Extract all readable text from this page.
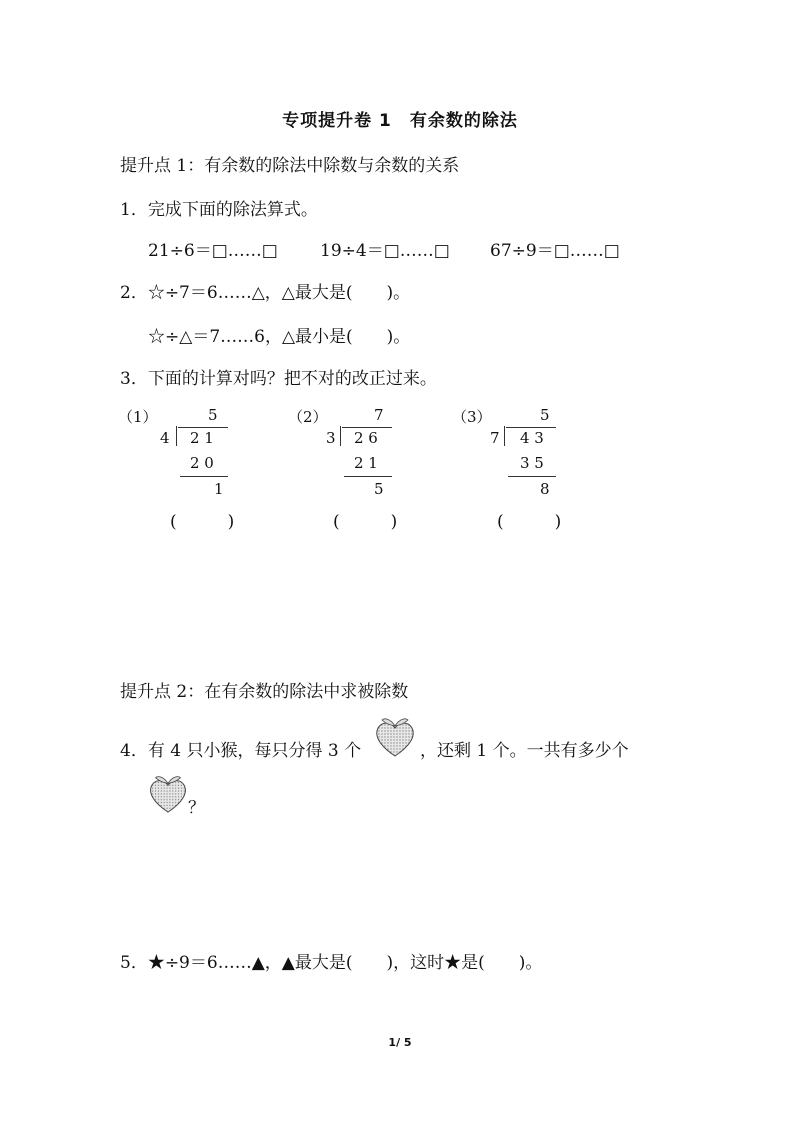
专项提升卷 1　有余数的除法
提升点 1：有余数的除法中除数与余数的关系
1．完成下面的除法算式。
21÷6＝□……□ 19÷4＝□……□ 67÷9＝□……□
2．☆÷7＝6……△，△最大是(　　)。
☆÷△＝7……6，△最小是(　　)。
3．下面的计算对吗？把不对的改正过来。
（1）	5
4 2 1
2 0
1
(　　　)
（2）	7
3 2 6
2 1
5
(　　　)
（3）	5
7 4 3
3 5
8
(　　　)
提升点 2：在有余数的除法中求被除数
4．有 4 只小猴，每只分得 3 个	，还剩 1 个。一共有多少个
？
5．★÷9＝6……▲，▲最大是(　　)，这时★是(　　)。
1/ 5
